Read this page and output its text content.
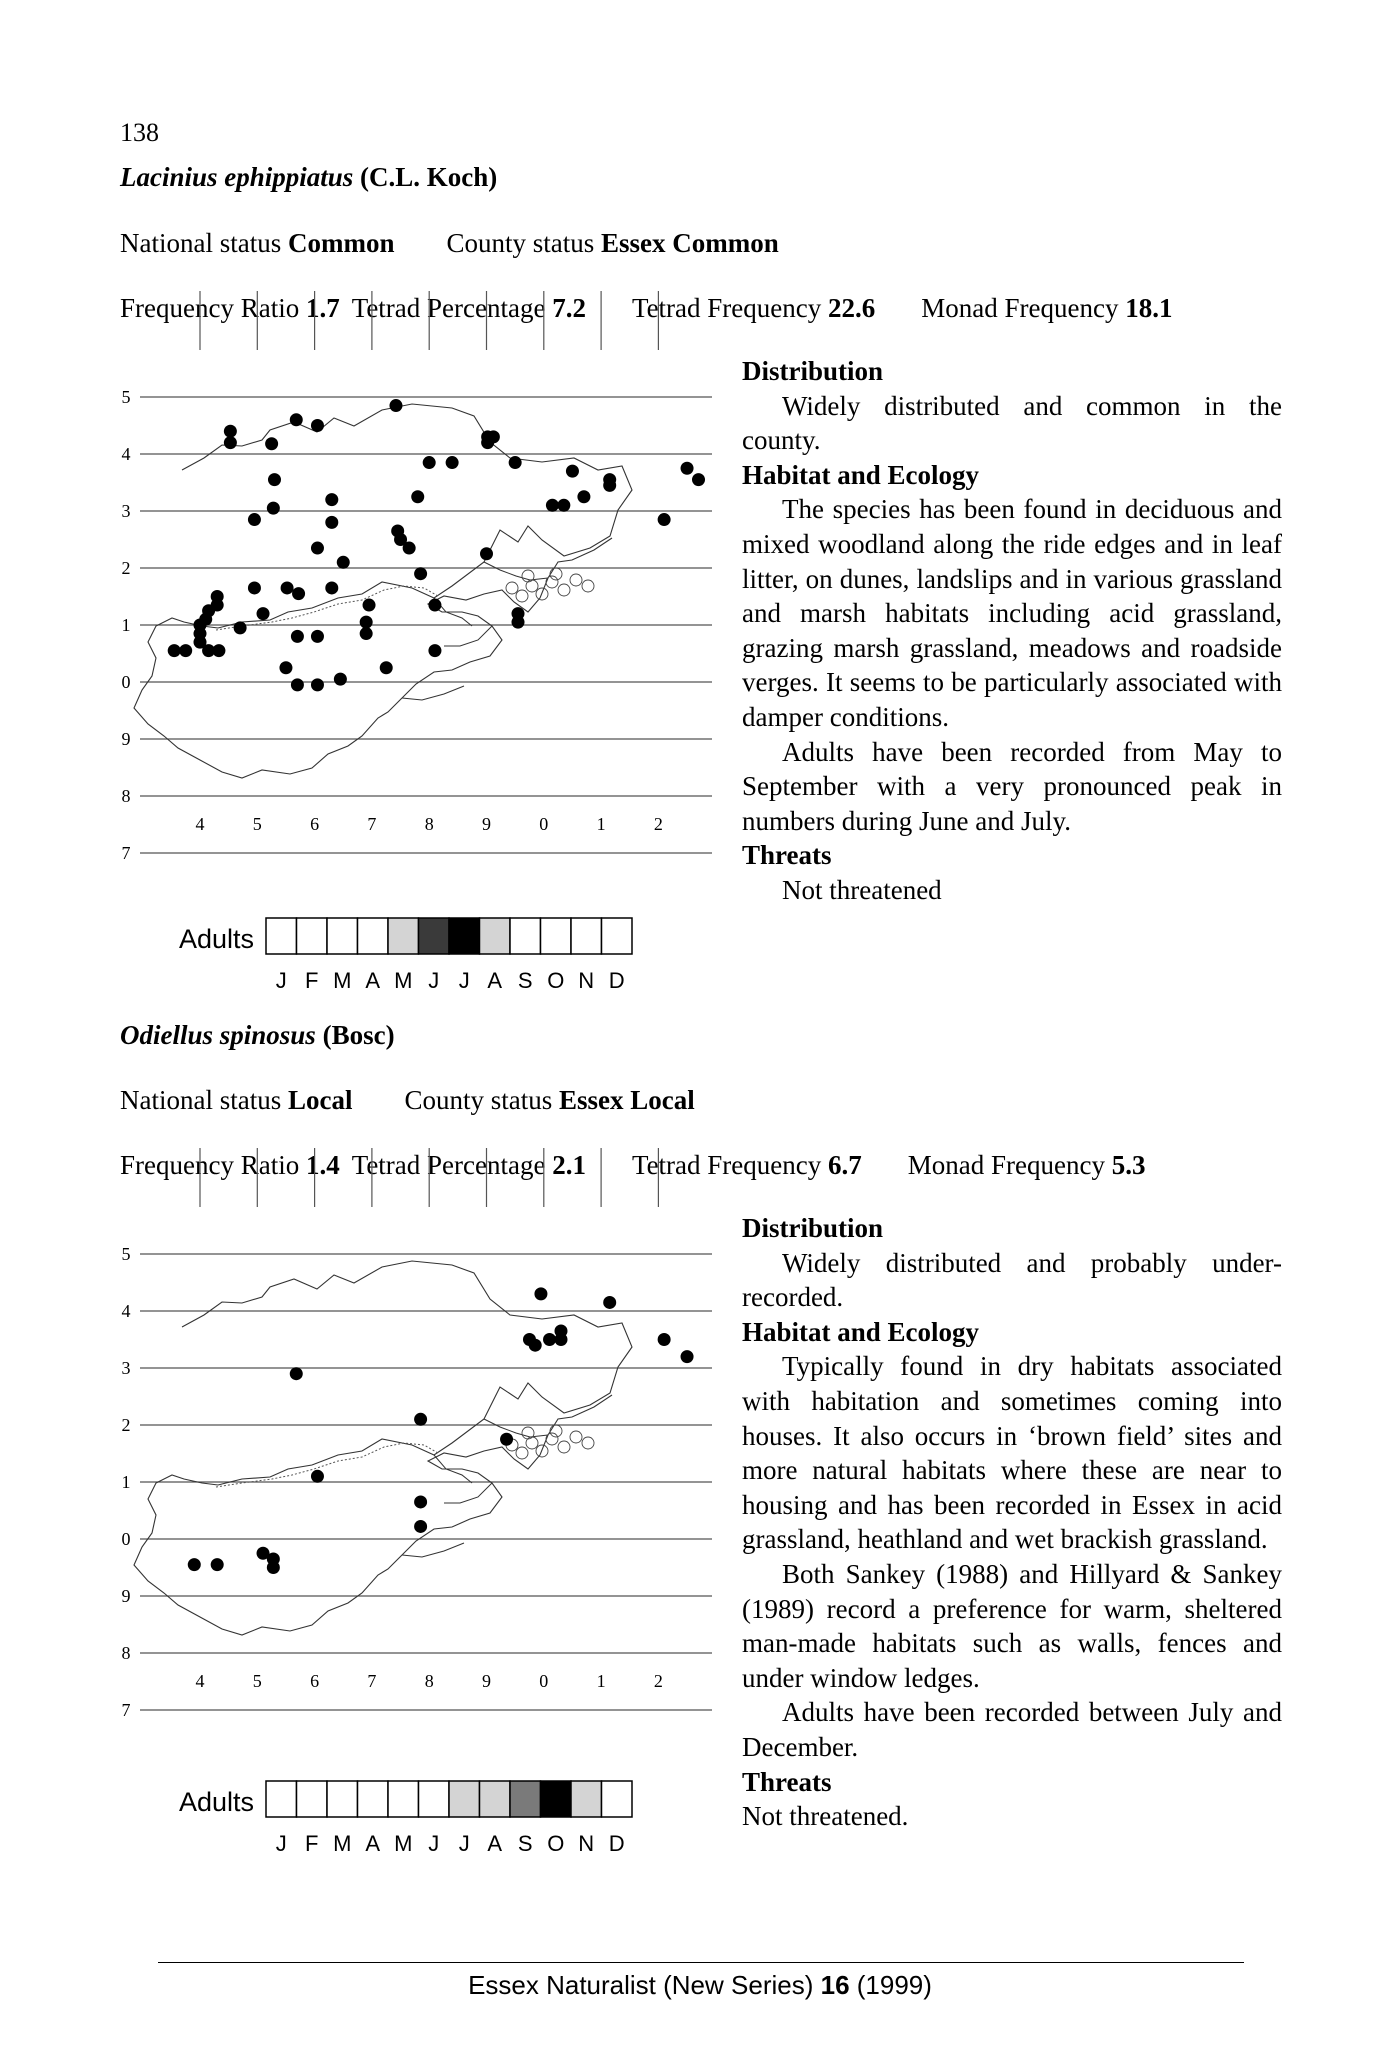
138
Lacinius ephippiatus (C.L. Koch)
National status Common County status Essex Common
Frequency Ratio 1.7 Tetrad Percentage 7.2 Tetrad Frequency 22.6 Monad Frequency 18.1
4	5	6	7	8	9	0	1	2
5
4
3
2
1
0
9
8
7
Adults
J F M A M J J A S O N D
Distribution

Widely distributed and common in the county.

Habitat and Ecology

The species has been found in deciduous and mixed woodland along the ride edges and in leaf litter, on dunes, landslips and in various grassland and marsh habitats including acid grassland, grazing marsh grassland, meadows and roadside verges. It seems to be particularly associated with damper conditions.

Adults have been recorded from May to September with a very pronounced peak in numbers during June and July.

Threats

Not threatened

Odiellus spinosus (Bosc)
National status Local County status Essex Local
Frequency Ratio 1.4 Tetrad Percentage 2.1 Tetrad Frequency 6.7 Monad Frequency 5.3
4	5	6	7	8	9	0	1	2
5
4
3
2
1
0
9
8
7
Adults
J F M A M J J A S O N D
Distribution

Widely distributed and probably under-recorded.

Habitat and Ecology

Typically found in dry habitats associated with habitation and sometimes coming into houses. It also occurs in ‘brown field’ sites and more natural habitats where these are near to housing and has been recorded in Essex in acid grassland, heathland and wet brackish grassland.

Both Sankey (1988) and Hillyard & Sankey (1989) record a preference for warm, sheltered man-made habitats such as walls, fences and under window ledges.

Adults have been recorded between July and December.

Threats

Not threatened.

Essex Naturalist (New Series) 16 (1999)
